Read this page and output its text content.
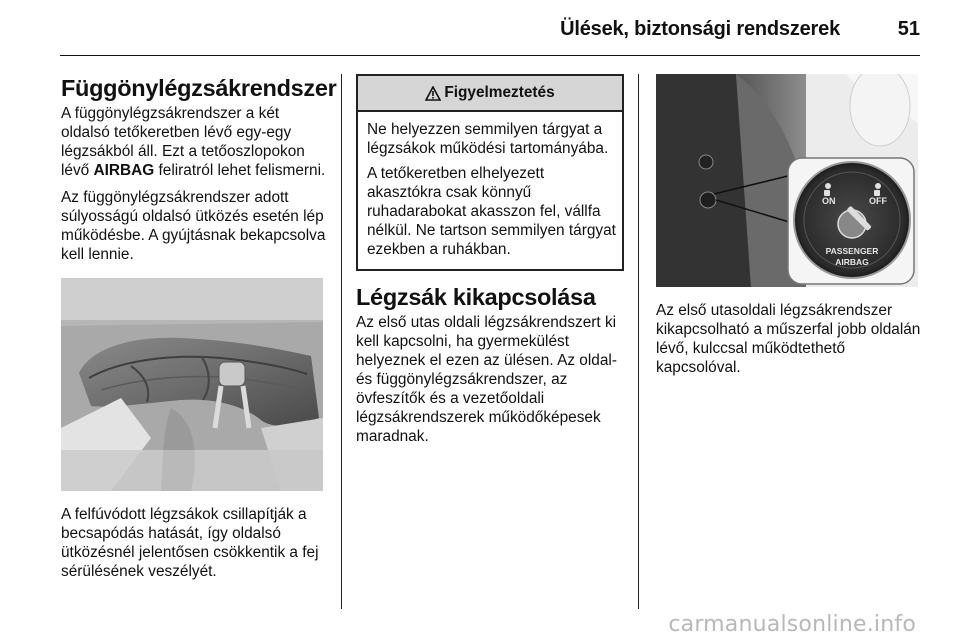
Ülések, biztonsági rendszerek	51
Függönylégzsákrendszer

A függönylégzsákrendszer a két oldalsó tetőkeretben lévő egy-egy légzsákból áll. Ezt a tetőoszlopokon lévő AIRBAG feliratról lehet felismerni.

Az függönylégzsákrendszer adott súlyosságú oldalsó ütközés esetén lép működésbe. A gyújtásnak bekapcsolva kell lennie.

A felfúvódott légzsákok csillapítják a becsapódás hatását, így oldalsó ütközésnél jelentősen csökkentik a fej sérülésének veszélyét.

Figyelmeztetés

Ne helyezzen semmilyen tárgyat a légzsákok működési tartományába.

A tetőkeretben elhelyezett akasztókra csak könnyű ruhadarabokat akasszon fel, vállfa nélkül. Ne tartson semmilyen tárgyat ezekben a ruhákban.

Légzsák kikapcsolása

Az első utas oldali légzsákrendszert ki kell kapcsolni, ha gyermekülést helyeznek el ezen az ülésen. Az oldal- és függönylégzsákrendszer, az övfeszítők és a vezetőoldali légzsákrendszerek működőképesek maradnak.

ON	OFF
PASSENGER
AIRBAG

Az első utasoldali légzsákrendszer kikapcsolható a műszerfal jobb oldalán lévő, kulccsal működtethető kapcsolóval.

carmanualsonline.info
